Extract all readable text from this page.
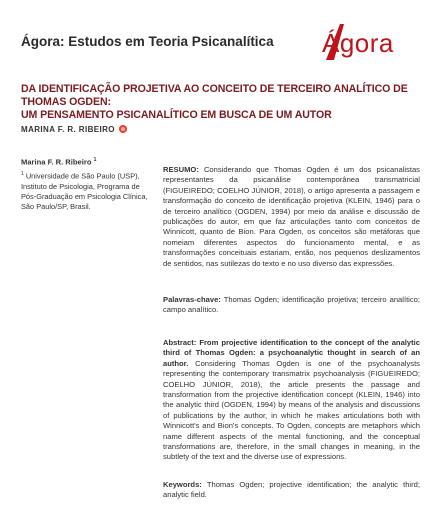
Ágora: Estudos em Teoria Psicanalítica Ágora
DA IDENTIFICAÇÃO PROJETIVA AO CONCEITO DE TERCEIRO ANALÍTICO DE THOMAS OGDEN:
UM PENSAMENTO PSICANALÍTICO EM BUSCA DE UM AUTOR
MARINA F. R. RIBEIRO
Marina F. R. Ribeiro $^1$
$^1$ Universidade de São Paulo (USP), Instituto de Psicologia, Programa de Pós-Graduação em Psicologia Clínica, São Paulo/SP, Brasil.

RESUMO: Considerando que Thomas Ogden é um dos psicanalistas representantes da psicanálise contemporânea transmatricial (FIGUEIREDO; COELHO JÚNIOR, 2018), o artigo apresenta a passagem e transformação do conceito de identificação projetiva (KLEIN, 1946) para o de terceiro analítico (OGDEN, 1994) por meio da análise e discussão de publicações do autor, em que faz articulações tanto com conceitos de Winnicott, quanto de Bion. Para Ogden, os conceitos são metáforas que nomeiam diferentes aspectos do funcionamento mental, e as transformações conceituais estariam, então, nos pequenos deslizamentos de sentidos, nas sutilezas do texto e no uso diverso das expressões.

Palavras-chave: Thomas Ogden; identificação projetiva; terceiro analítico; campo analítico.

Abstract: From projective identification to the concept of the analytic third of Thomas Ogden: a psychoanalytic thought in search of an author. Considering Thomas Ogden is one of the psychoanalysts representing the contemporary transmatrix psychoanalysis (FIGUEIREDO; COELHO JÚNIOR, 2018), the article presents the passage and transformation from the projective identification concept (KLEIN, 1946) into the analytic third (OGDEN, 1994) by means of the analysis and discussions of publications by the author, in which he makes articulations both with Winnicott's and Bion's concepts. To Ogden, concepts are metaphors which name different aspects of the mental functioning, and the conceptual transformations are, therefore, in the small changes in meaning, in the subtlety of the text and the diverse use of expressions.

Keywords: Thomas Ogden; projective identification; the analytic third; analytic field.
